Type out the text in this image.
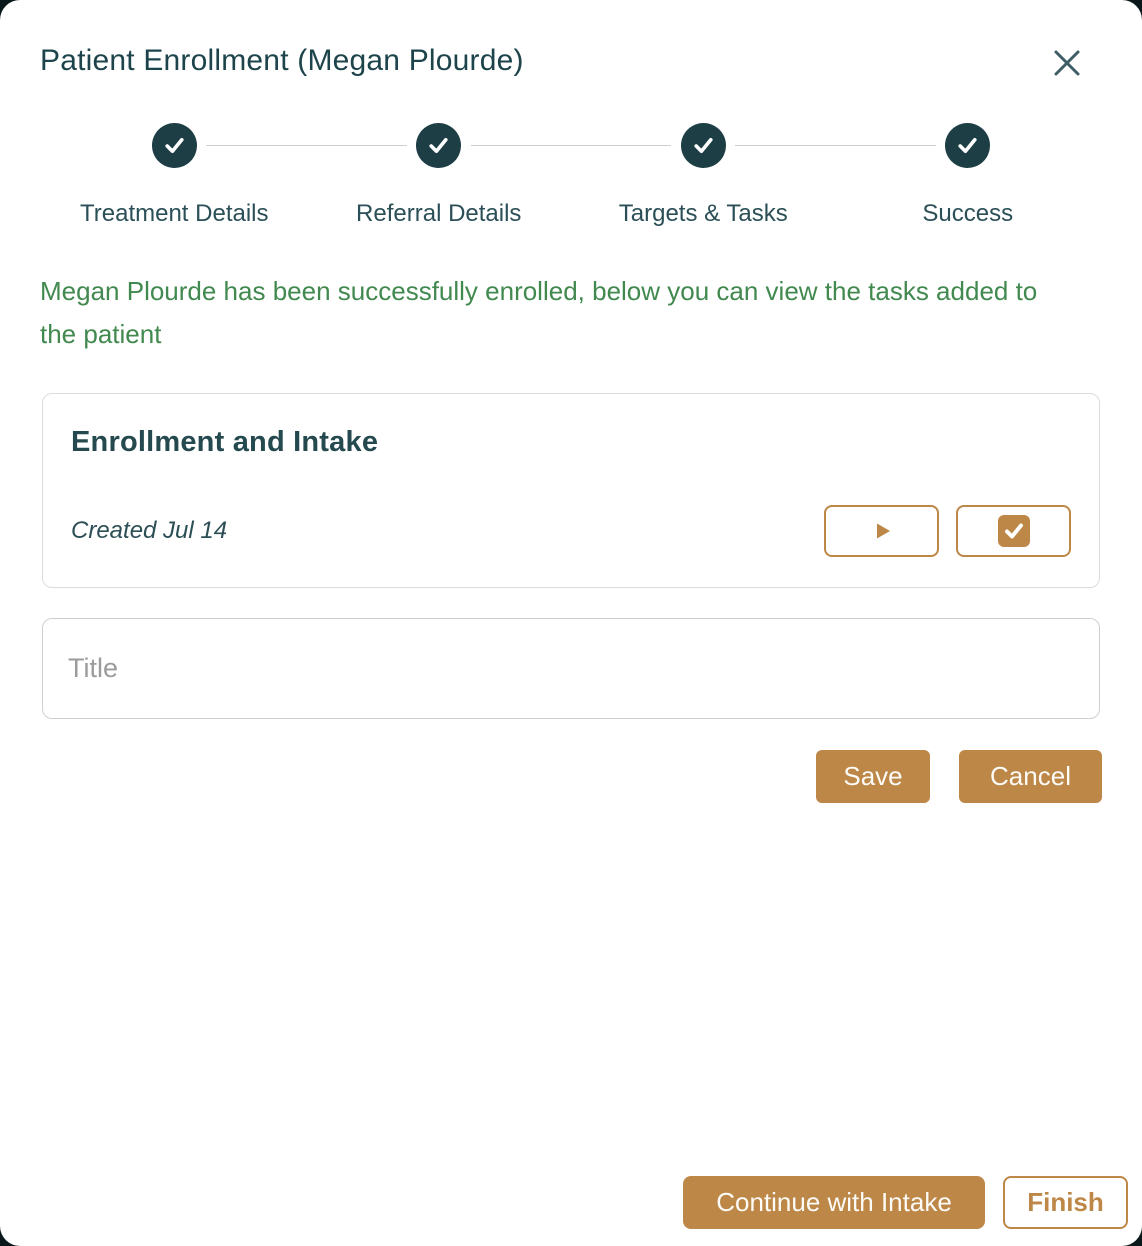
Patient Enrollment (Megan Plourde)
Treatment Details	Referral Details	Targets & Tasks	Success

Megan Plourde has been successfully enrolled, below you can view the tasks added to the patient

Enrollment and Intake
Created Jul 14
Title
Save	Cancel
Continue with Intake	Finish
